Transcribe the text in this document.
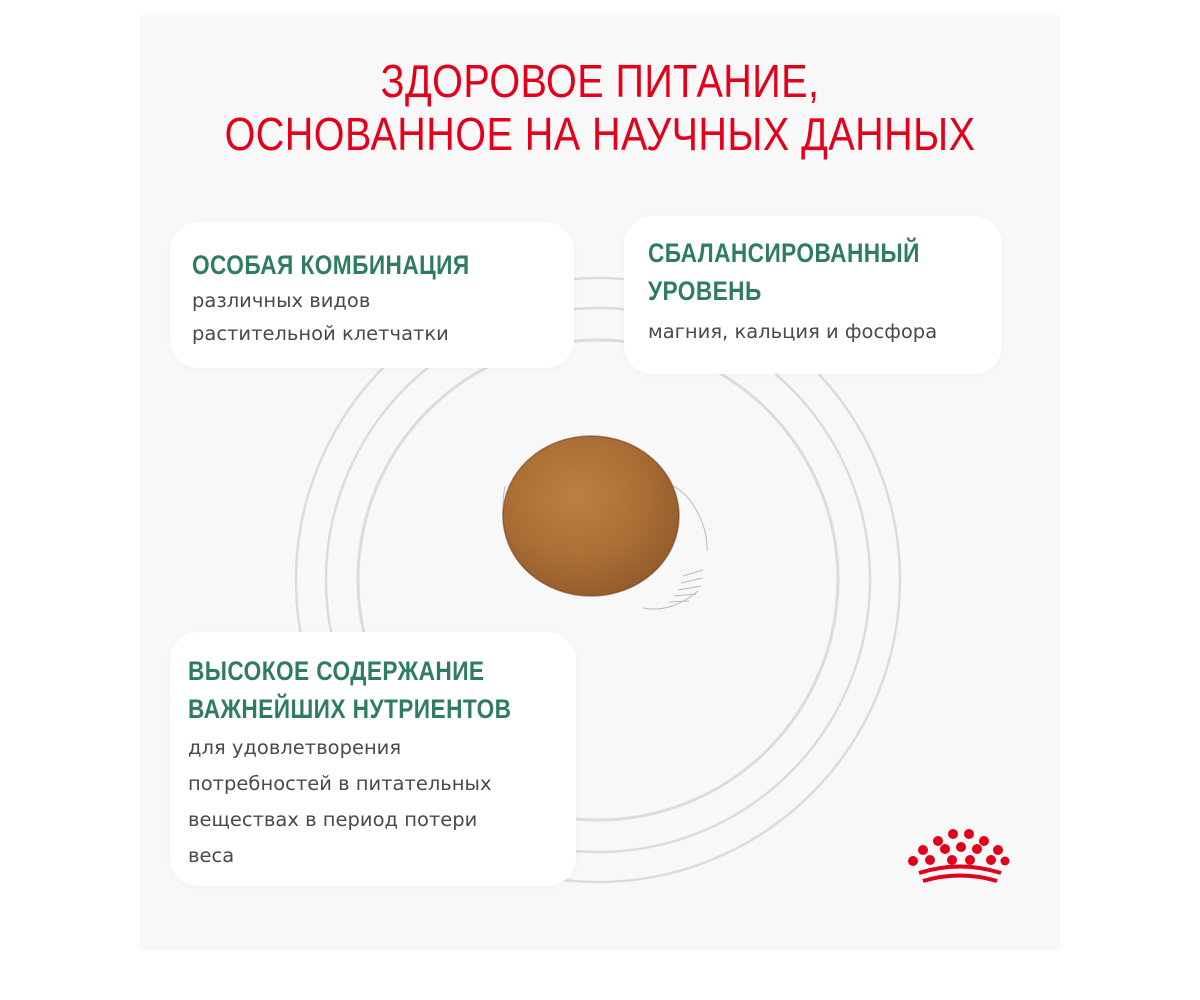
ЗДОРОВОЕ ПИТАНИЕ,
ОСНОВАННОЕ НА НАУЧНЫХ ДАННЫХ
ОСОБАЯ КОМБИНАЦИЯ
различных видов
растительной клетчатки
СБАЛАНСИРОВАННЫЙ
УРОВЕНЬ
магния, кальция и фосфора
ВЫСОКОЕ СОДЕРЖАНИЕ
ВАЖНЕЙШИХ НУТРИЕНТОВ
для удовлетворения
потребностей в питательных
веществах в период потери
веса
